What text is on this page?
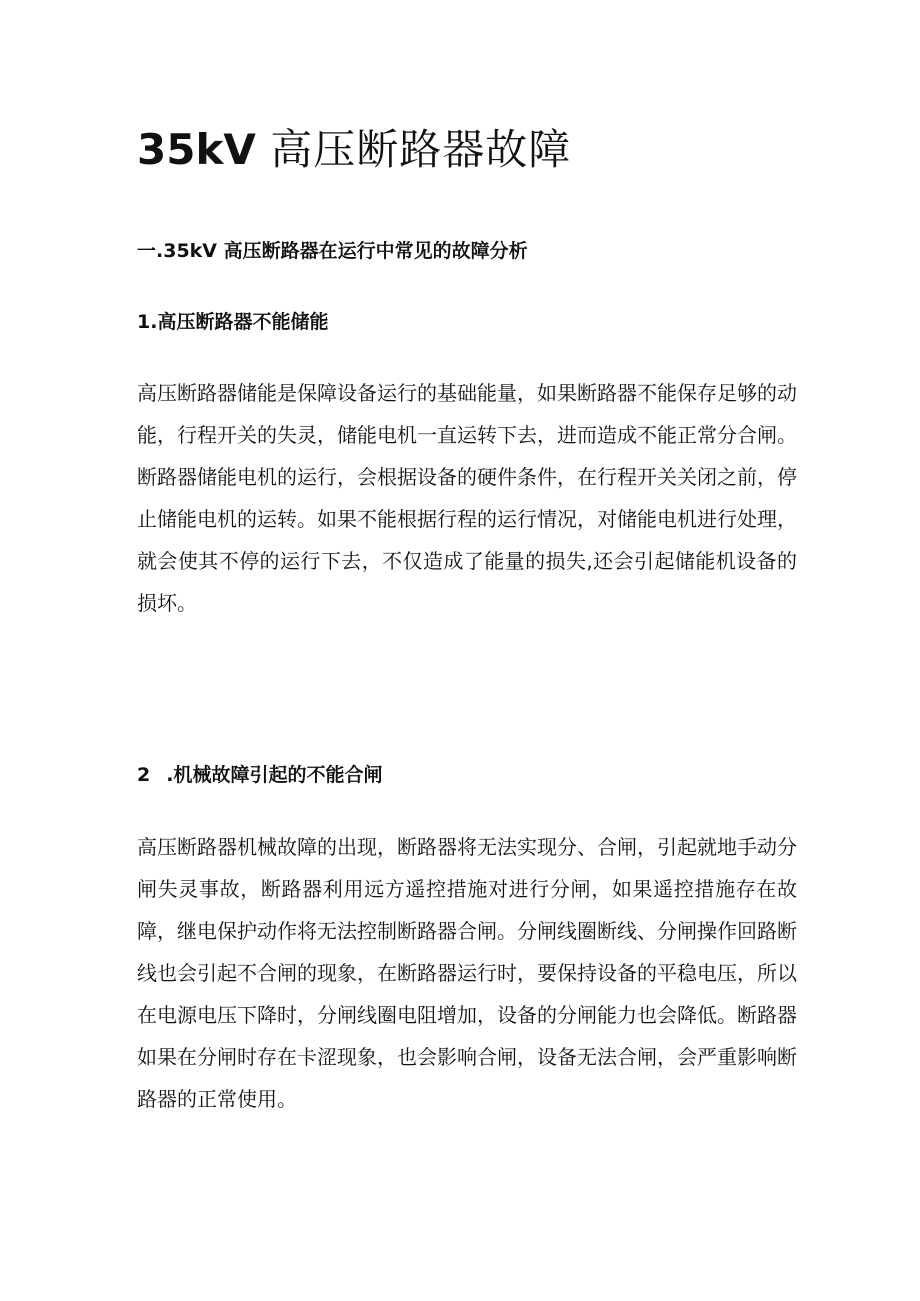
35kV 高压断路器故障
一.35kV 高压断路器在运行中常见的故障分析
1.高压断路器不能储能

高压断路器储能是保障设备运行的基础能量，如果断路器不能保存足够的动能，行程开关的失灵，储能电机一直运转下去，进而造成不能正常分合闸。断路器储能电机的运行，会根据设备的硬件条件，在行程开关关闭之前，停止储能电机的运转。如果不能根据行程的运行情况，对储能电机进行处理，就会使其不停的运行下去，不仅造成了能量的损失,还会引起储能机设备的损坏。

2 .机械故障引起的不能合闸

高压断路器机械故障的出现，断路器将无法实现分、合闸，引起就地手动分闸失灵事故，断路器利用远方遥控措施对进行分闸，如果遥控措施存在故障，继电保护动作将无法控制断路器合闸。分闸线圈断线、分闸操作回路断线也会引起不合闸的现象，在断路器运行时，要保持设备的平稳电压，所以在电源电压下降时，分闸线圈电阻增加，设备的分闸能力也会降低。断路器如果在分闸时存在卡涩现象，也会影响合闸，设备无法合闸，会严重影响断路器的正常使用。
